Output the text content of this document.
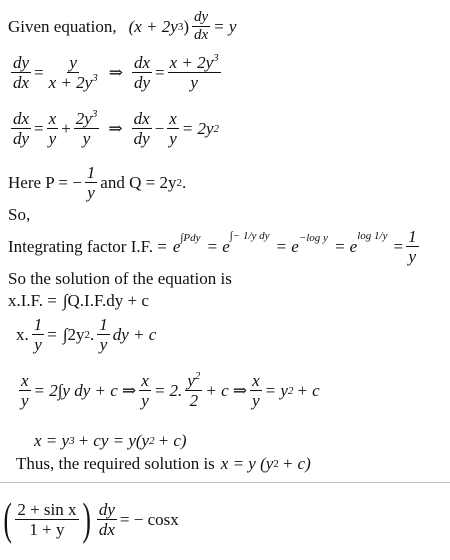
Given equation, (x + 2y 3 ) $\frac{dy}{dx} = y$
$\frac{dy}{dx} = \frac{y}{x + 2y^3}$ ⇒ $\frac{dx}{dy} = \frac{x + 2y^3}{y}$
$\frac{dx}{dy} = \frac{x}{y} + \frac{2y^3}{y}$ ⇒ $\frac{dx}{dy} - \frac{x}{y} = 2y$ 2
Here P = − $\frac{1}{y}$ and Q = 2y 2 .
So,
Integrating factor I.F. = e ∫Pdy = e
∫− 1/y dy
= e −log y = e
log 1/y
= $\frac{1}{y}$
So the solution of the equation is
x.I.F. = ∫Q.I.F.dy + c
x. $\frac{1}{y} = \int 2y$ 2 . $\frac{1}{y}$ dy + c
$\frac{x}{y} = 2\int y$ dy + c ⇒ $\frac{x}{y} = 2$. $\frac{y^2}{2} + c$ ⇒ $\frac{x}{y} = y$ 2 + c
x = y 3 + cy = y(y 2 + c)
Thus, the required solution is x = y (y 2 + c)
( $\frac{\text{2 + sin x}}{1 + y}$ ) $\frac{dy}{dx}$ = − cosx
